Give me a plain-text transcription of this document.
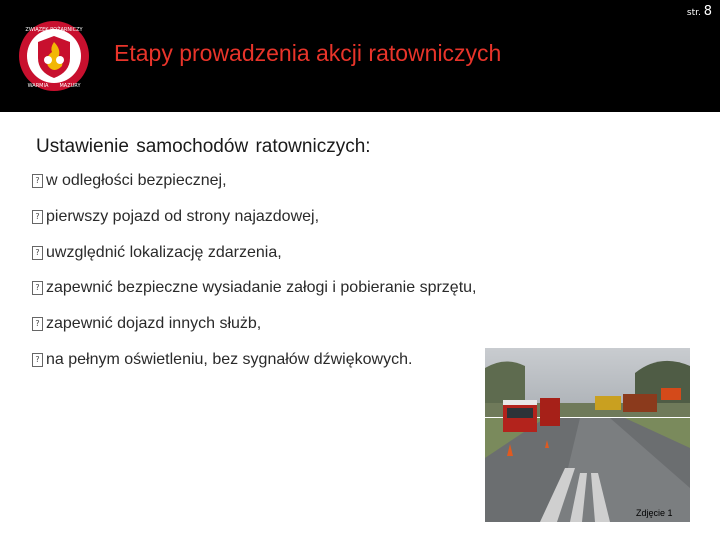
ZWIĄZEK POŻARNICZY
WARMIA MAZURY
str. 8
Etapy prowadzenia akcji ratowniczych
Ustawienie samochodów ratowniczych:
? w odległości bezpiecznej,
? pierwszy pojazd od strony najazdowej,
? uwzględnić lokalizację zdarzenia,
? zapewnić bezpieczne wysiadanie załogi i pobieranie sprzętu,
? zapewnić dojazd innych służb,
? na pełnym oświetleniu, bez sygnałów dźwiękowych.
Zdjęcie 1
